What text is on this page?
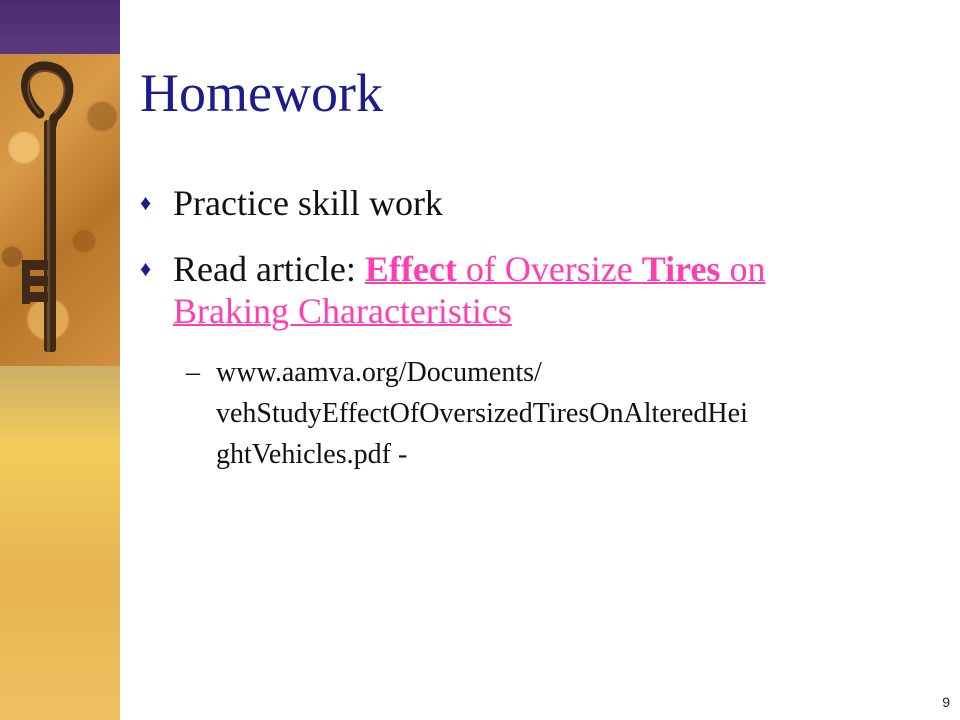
Homework
♦ Practice skill work
♦ Read article: Effect of Oversize Tires on
Braking Characteristics
– www.aamva.org/Documents/
vehStudyEffectOfOversizedTiresOnAlteredHei
ghtVehicles.pdf -
9
